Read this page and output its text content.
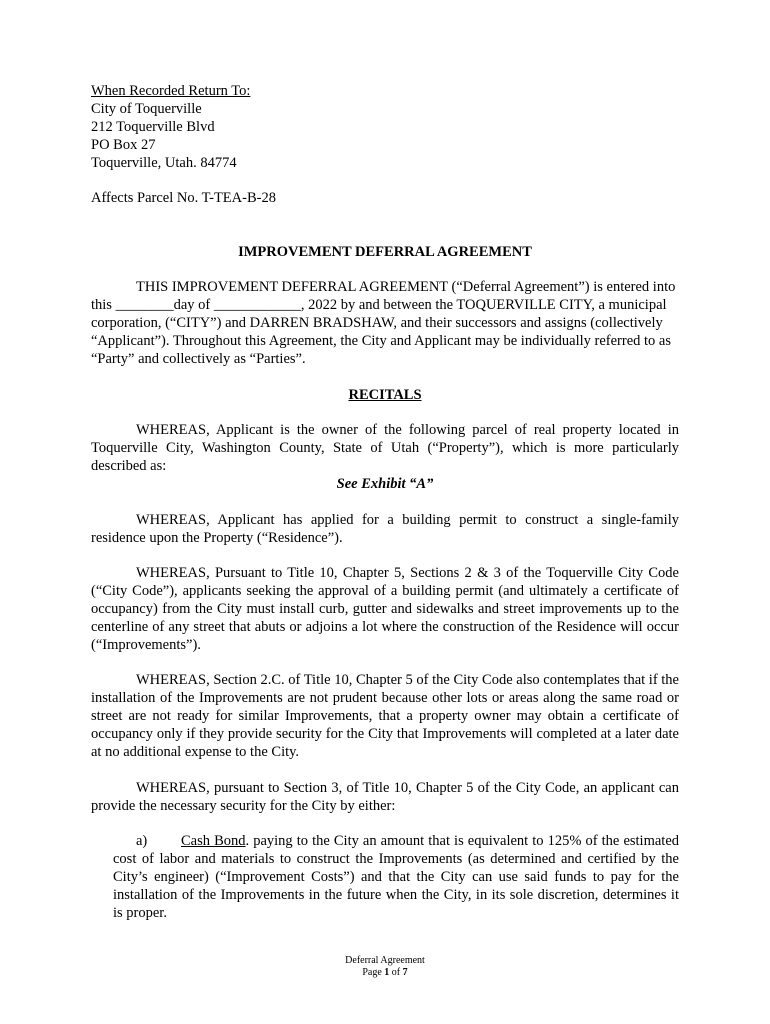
When Recorded Return To:

City of Toquerville

212 Toquerville Blvd

PO Box 27

Toquerville, Utah. 84774

Affects Parcel No. T-TEA-B-28

IMPROVEMENT DEFERRAL AGREEMENT

THIS IMPROVEMENT DEFERRAL AGREEMENT (“Deferral Agreement”) is entered into this ________day of ____________, 2022 by and between the TOQUERVILLE CITY, a municipal corporation, (“CITY”) and DARREN BRADSHAW, and their successors and assigns (collectively “Applicant”). Throughout this Agreement, the City and Applicant may be individually referred to as “Party” and collectively as “Parties”.

RECITALS

WHEREAS, Applicant is the owner of the following parcel of real property located in Toquerville City, Washington County, State of Utah (“Property”), which is more particularly described as:

See Exhibit “A”

WHEREAS, Applicant has applied for a building permit to construct a single-family residence upon the Property (“Residence”).

WHEREAS, Pursuant to Title 10, Chapter 5, Sections 2 & 3 of the Toquerville City Code (“City Code”), applicants seeking the approval of a building permit (and ultimately a certificate of occupancy) from the City must install curb, gutter and sidewalks and street improvements up to the centerline of any street that abuts or adjoins a lot where the construction of the Residence will occur (“Improvements”).

WHEREAS, Section 2.C. of Title 10, Chapter 5 of the City Code also contemplates that if the installation of the Improvements are not prudent because other lots or areas along the same road or street are not ready for similar Improvements, that a property owner may obtain a certificate of occupancy only if they provide security for the City that Improvements will completed at a later date at no additional expense to the City.

WHEREAS, pursuant to Section 3, of Title 10, Chapter 5 of the City Code, an applicant can provide the necessary security for the City by either:

a) Cash Bond. paying to the City an amount that is equivalent to 125% of the estimated cost of labor and materials to construct the Improvements (as determined and certified by the City’s engineer) (“Improvement Costs”) and that the City can use said funds to pay for the installation of the Improvements in the future when the City, in its sole discretion, determines it is proper.

Deferral Agreement
Page 1 of 7
